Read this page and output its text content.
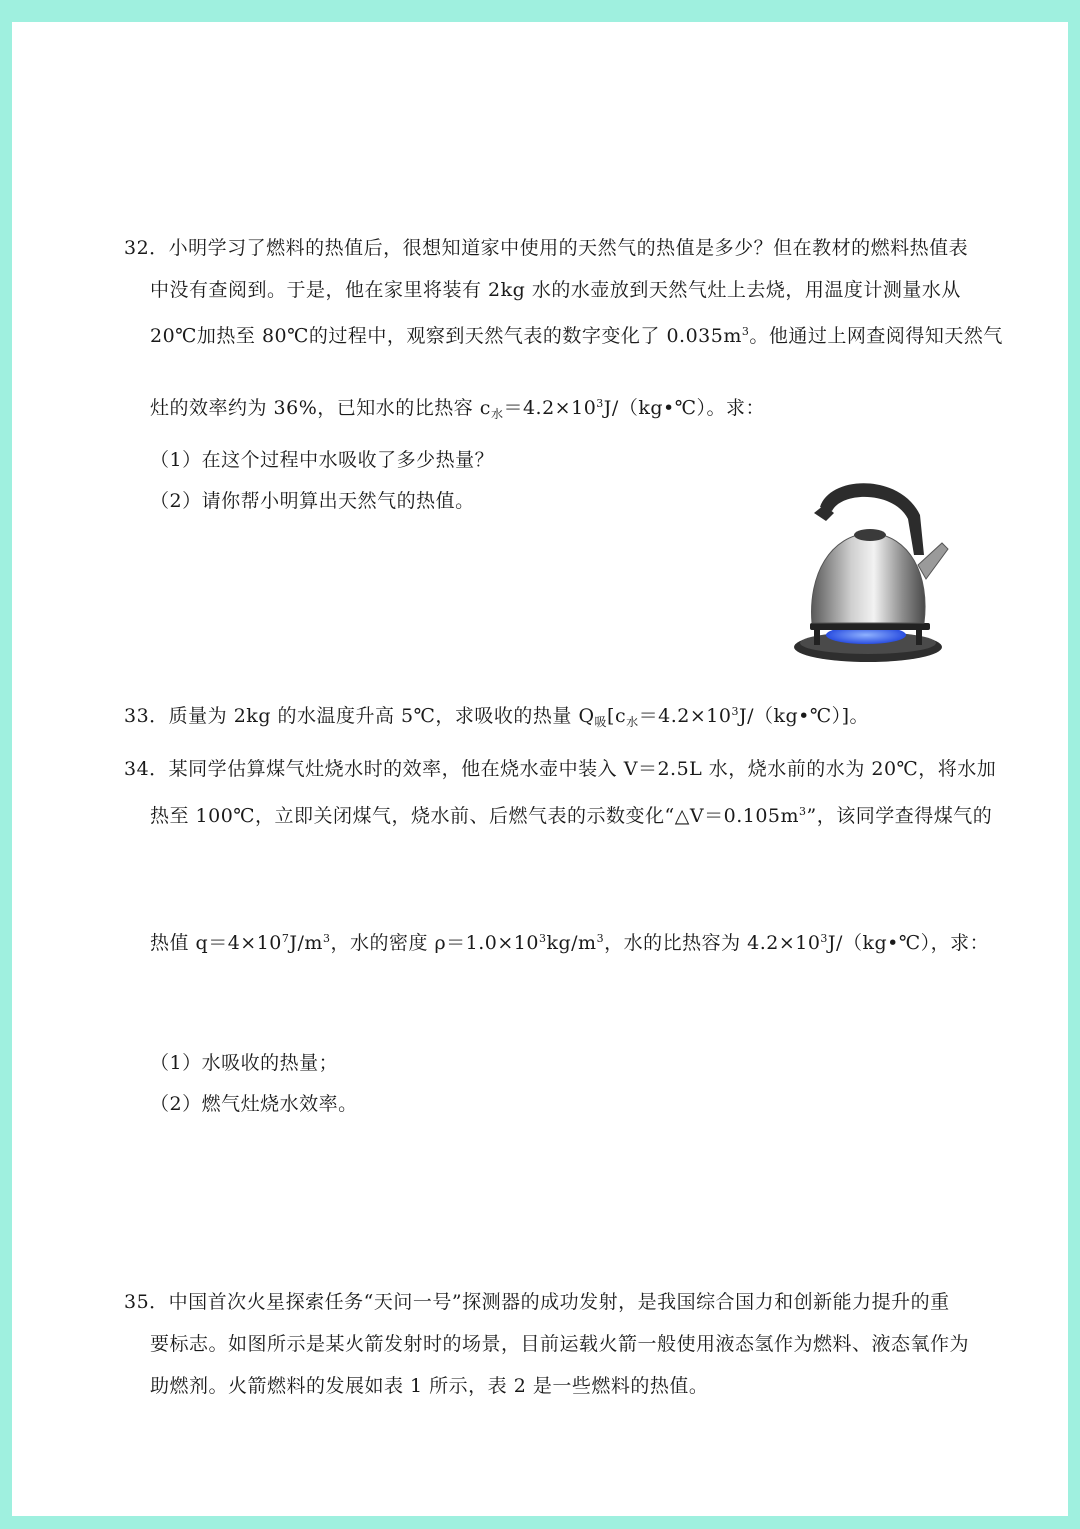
32．小明学习了燃料的热值后，很想知道家中使用的天然气的热值是多少？但在教材的燃料热值表
中没有查阅到。于是，他在家里将装有 2kg 水的水壶放到天然气灶上去烧，用温度计测量水从
20℃加热至 80℃的过程中，观察到天然气表的数字变化了 $0.035m^3$。他通过上网查阅得知天然气
灶的效率约为 36%，已知水的比热容 $c_水=4.2\times 10^3J/(kg•℃)$。求：
（1）在这个过程中水吸收了多少热量？
（2）请你帮小明算出天然气的热值。
33．质量为 2kg 的水温度升高 5℃，求吸收的热量 $Q_吸[c_水=4.2\times 10^3J/(kg•℃)]$。
34．某同学估算煤气灶烧水时的效率，他在烧水壶中装入 V＝2.5L 水，烧水前的水为 20℃，将水加
热至 100℃，立即关闭煤气，烧水前、后燃气表的示数变化“$\triangle V=0.105m^3$”，该同学查得煤气的
热值 $q=4\times 10^7J/m^3$，水的密度 $\rho=1.0\times 10^3kg/m^3$，水的比热容为 $4.2\times 10^3J/(kg•℃)$，求：
（1）水吸收的热量；
（2）燃气灶烧水效率。
35．中国首次火星探索任务“天问一号”探测器的成功发射，是我国综合国力和创新能力提升的重
要标志。如图所示是某火箭发射时的场景，目前运载火箭一般使用液态氢作为燃料、液态氧作为
助燃剂。火箭燃料的发展如表 1 所示，表 2 是一些燃料的热值。
